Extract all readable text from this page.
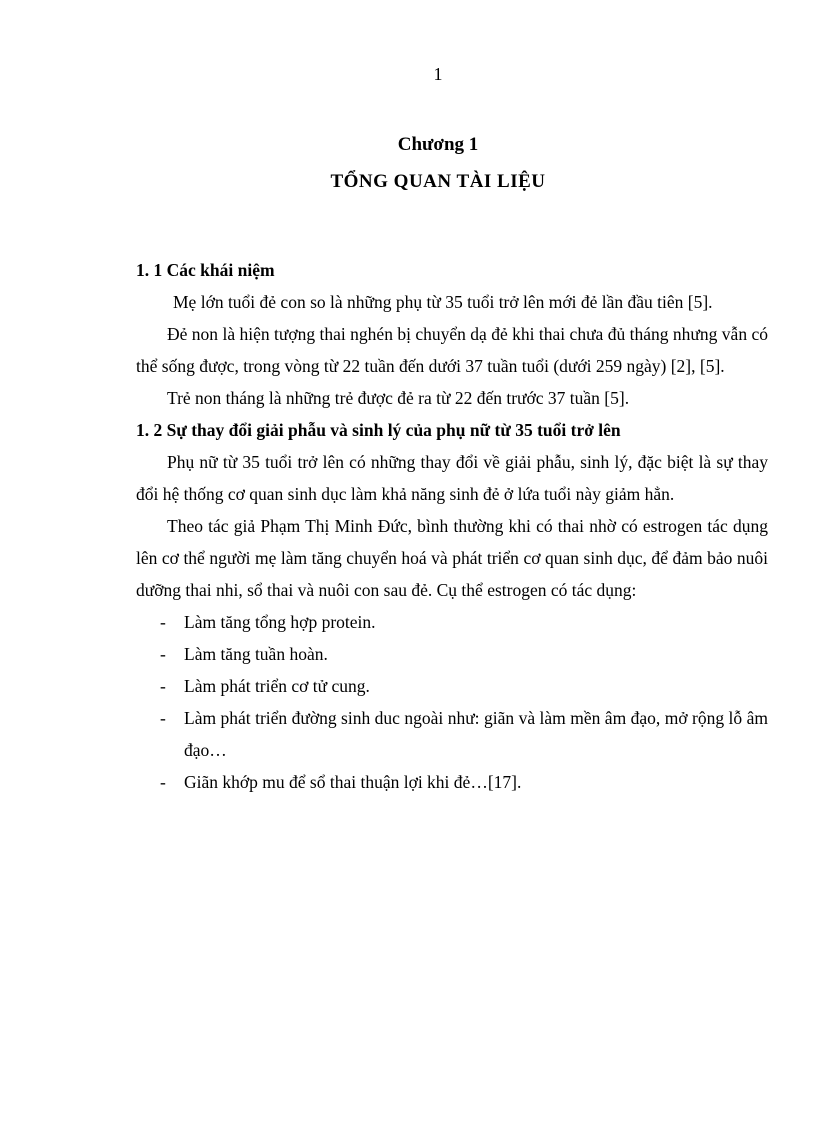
1
Chương 1
TỔNG QUAN TÀI LIỆU

1. 1 Các khái niệm

Mẹ lớn tuổi đẻ con so là những phụ từ 35 tuổi trở lên mới đẻ lần đầu tiên [5].

Đẻ non là hiện tượng thai nghén bị chuyển dạ đẻ khi thai chưa đủ tháng nhưng vẫn có thể sống được, trong vòng từ 22 tuần đến dưới 37 tuần tuổi (dưới 259 ngày) [2], [5].

Trẻ non tháng là những trẻ được đẻ ra từ 22 đến trước 37 tuần [5].

1. 2 Sự thay đổi giải phẫu và sinh lý của phụ nữ từ 35 tuổi trở lên

Phụ nữ từ 35 tuổi trở lên có những thay đổi về giải phẫu, sinh lý, đặc biệt là sự thay đổi hệ thống cơ quan sinh dục làm khả năng sinh đẻ ở lứa tuổi này giảm hẳn.

Theo tác giả Phạm Thị Minh Đức, bình thường khi có thai nhờ có estrogen tác dụng lên cơ thể người mẹ làm tăng chuyển hoá và phát triển cơ quan sinh dục, để đảm bảo nuôi dưỡng thai nhi, sổ thai và nuôi con sau đẻ. Cụ thể estrogen có tác dụng:

- Làm tăng tổng hợp protein.
- Làm tăng tuần hoàn.
- Làm phát triển cơ tử cung.
- Làm phát triển đường sinh duc ngoài như: giãn và làm mền âm đạo, mở rộng lỗ âm đạo…
- Giãn khớp mu để sổ thai thuận lợi khi đẻ…[17].
